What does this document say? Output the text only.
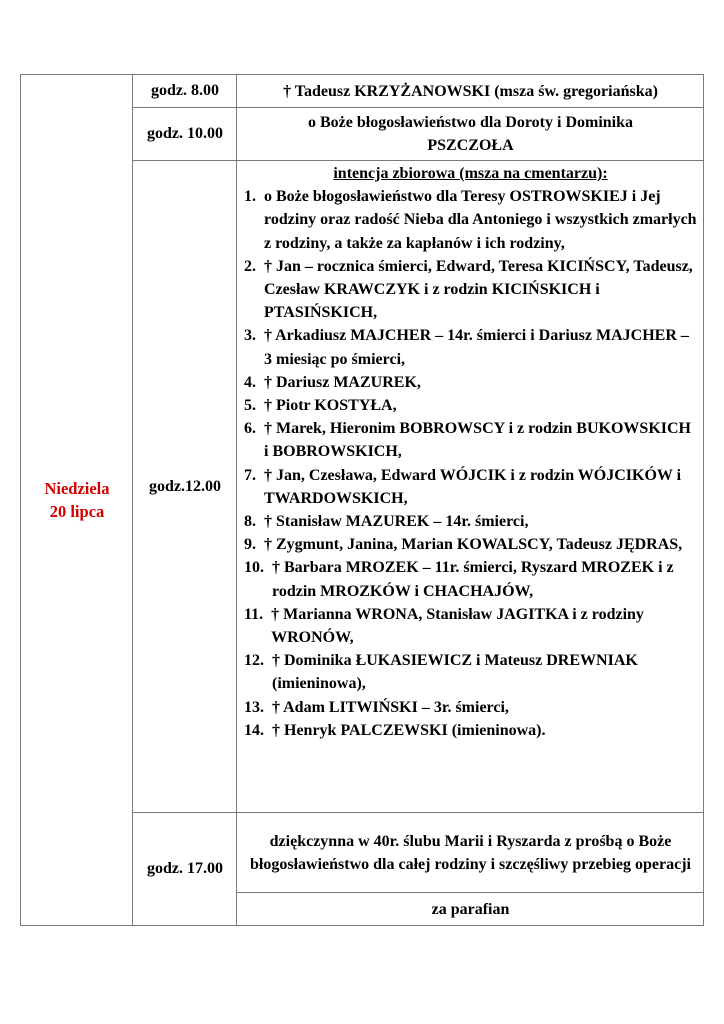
Niedziela
20 lipca
godz. 8.00	† Tadeusz KRZYŻANOWSKI (msza św. gregoriańska)
godz. 10.00
o Boże błogosławieństwo dla Doroty i Dominika PSZCZOŁA
godz.12.00
intencja zbiorowa (msza na cmentarzu):
1. o Boże błogosławieństwo dla Teresy OSTROWSKIEJ i Jej rodziny oraz radość Nieba dla Antoniego i wszystkich zmarłych z rodziny, a także za kapłanów i ich rodziny,
2. † Jan – rocznica śmierci, Edward, Teresa KICIŃSCY, Tadeusz, Czesław KRAWCZYK i z rodzin KICIŃSKICH i PTASIŃSKICH,
3. † Arkadiusz MAJCHER – 14r. śmierci i Dariusz MAJCHER – 3 miesiąc po śmierci,
4. † Dariusz MAZUREK,
5. † Piotr KOSTYŁA,
6. † Marek, Hieronim BOBROWSCY i z rodzin BUKOWSKICH i BOBROWSKICH,
7. † Jan, Czesława, Edward WÓJCIK i z rodzin WÓJCIKÓW i TWARDOWSKICH,
8. † Stanisław MAZUREK – 14r. śmierci,
9. † Zygmunt, Janina, Marian KOWALSCY, Tadeusz JĘDRAS,
10. † Barbara MROZEK – 11r. śmierci, Ryszard MROZEK i z rodzin MROZKÓW i CHACHAJÓW,
11. † Marianna WRONA, Stanisław JAGITKA i z rodziny WRONÓW,
12. † Dominika ŁUKASIEWICZ i Mateusz DREWNIAK (imieninowa),
13. † Adam LITWIŃSKI – 3r. śmierci,
14. † Henryk PALCZEWSKI (imieninowa).
godz. 17.00
dziękczynna w 40r. ślubu Marii i Ryszarda z prośbą o Boże błogosławieństwo dla całej rodziny i szczęśliwy przebieg operacji
za parafian
